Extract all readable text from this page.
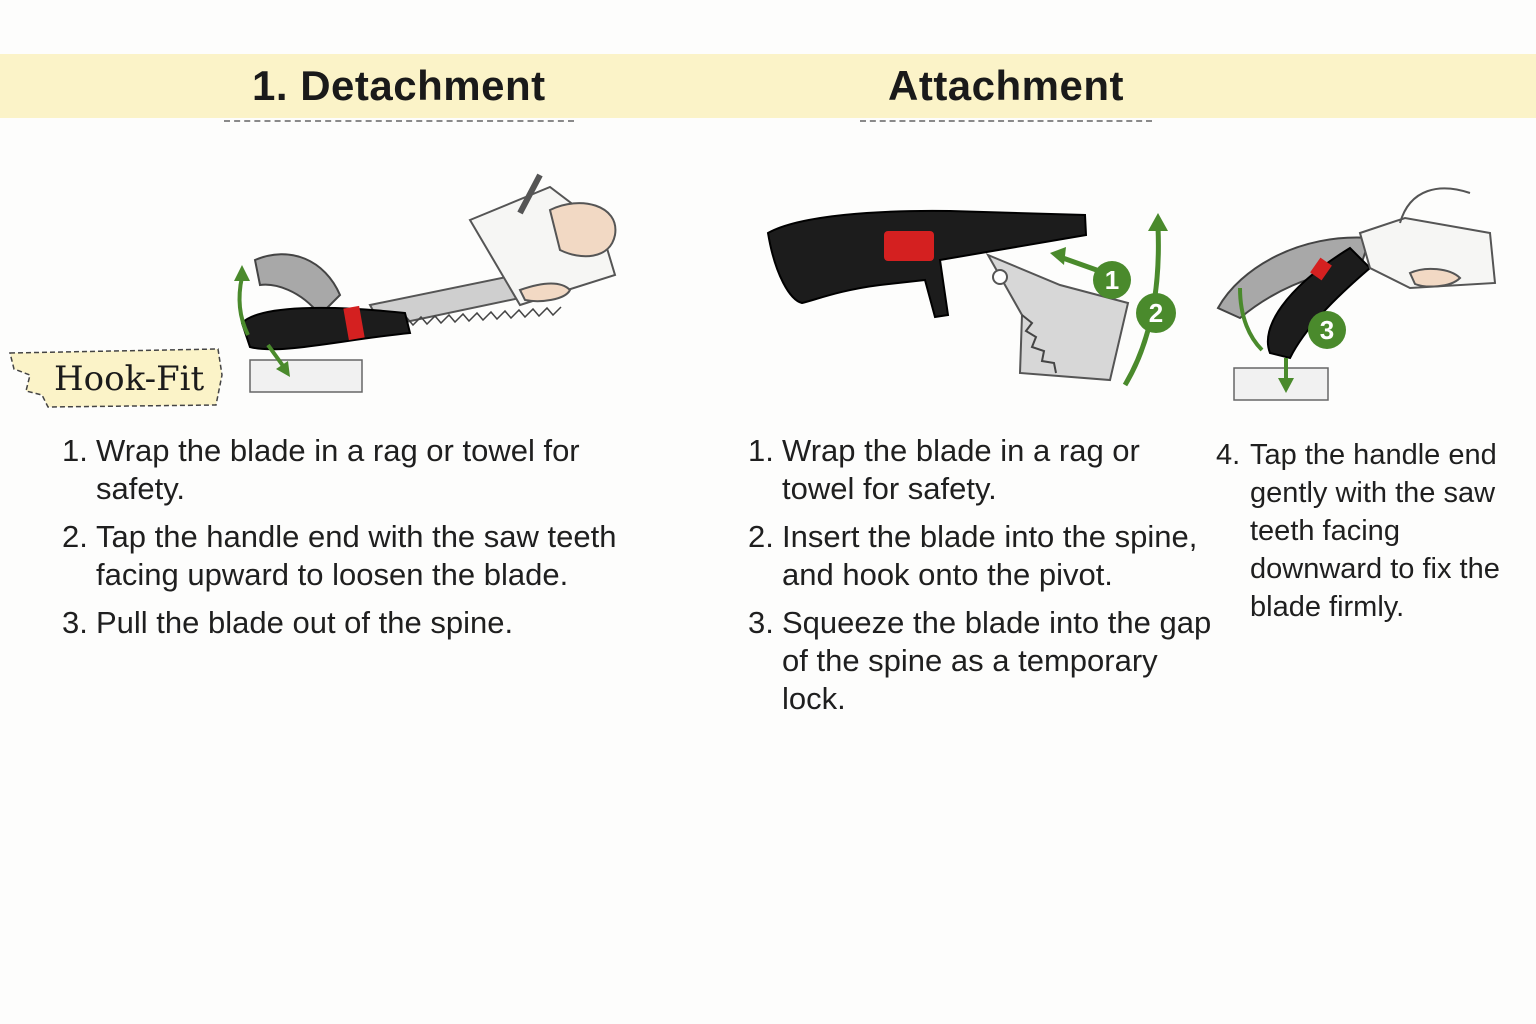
1. Detachment	Attachment
Hook-Fit
1
2
3
1. Wrap the blade in a rag or towel for safety.
2. Tap the handle end with the saw teeth facing upward to loosen the blade.
3. Pull the blade out of the spine.
1. Wrap the blade in a rag or towel for safety.
2. Insert the blade into the spine, and hook onto the pivot.
3. Squeeze the blade into the gap of the spine as a temporary lock.
4. Tap the handle end gently with the saw teeth facing downward to fix the blade firmly.
